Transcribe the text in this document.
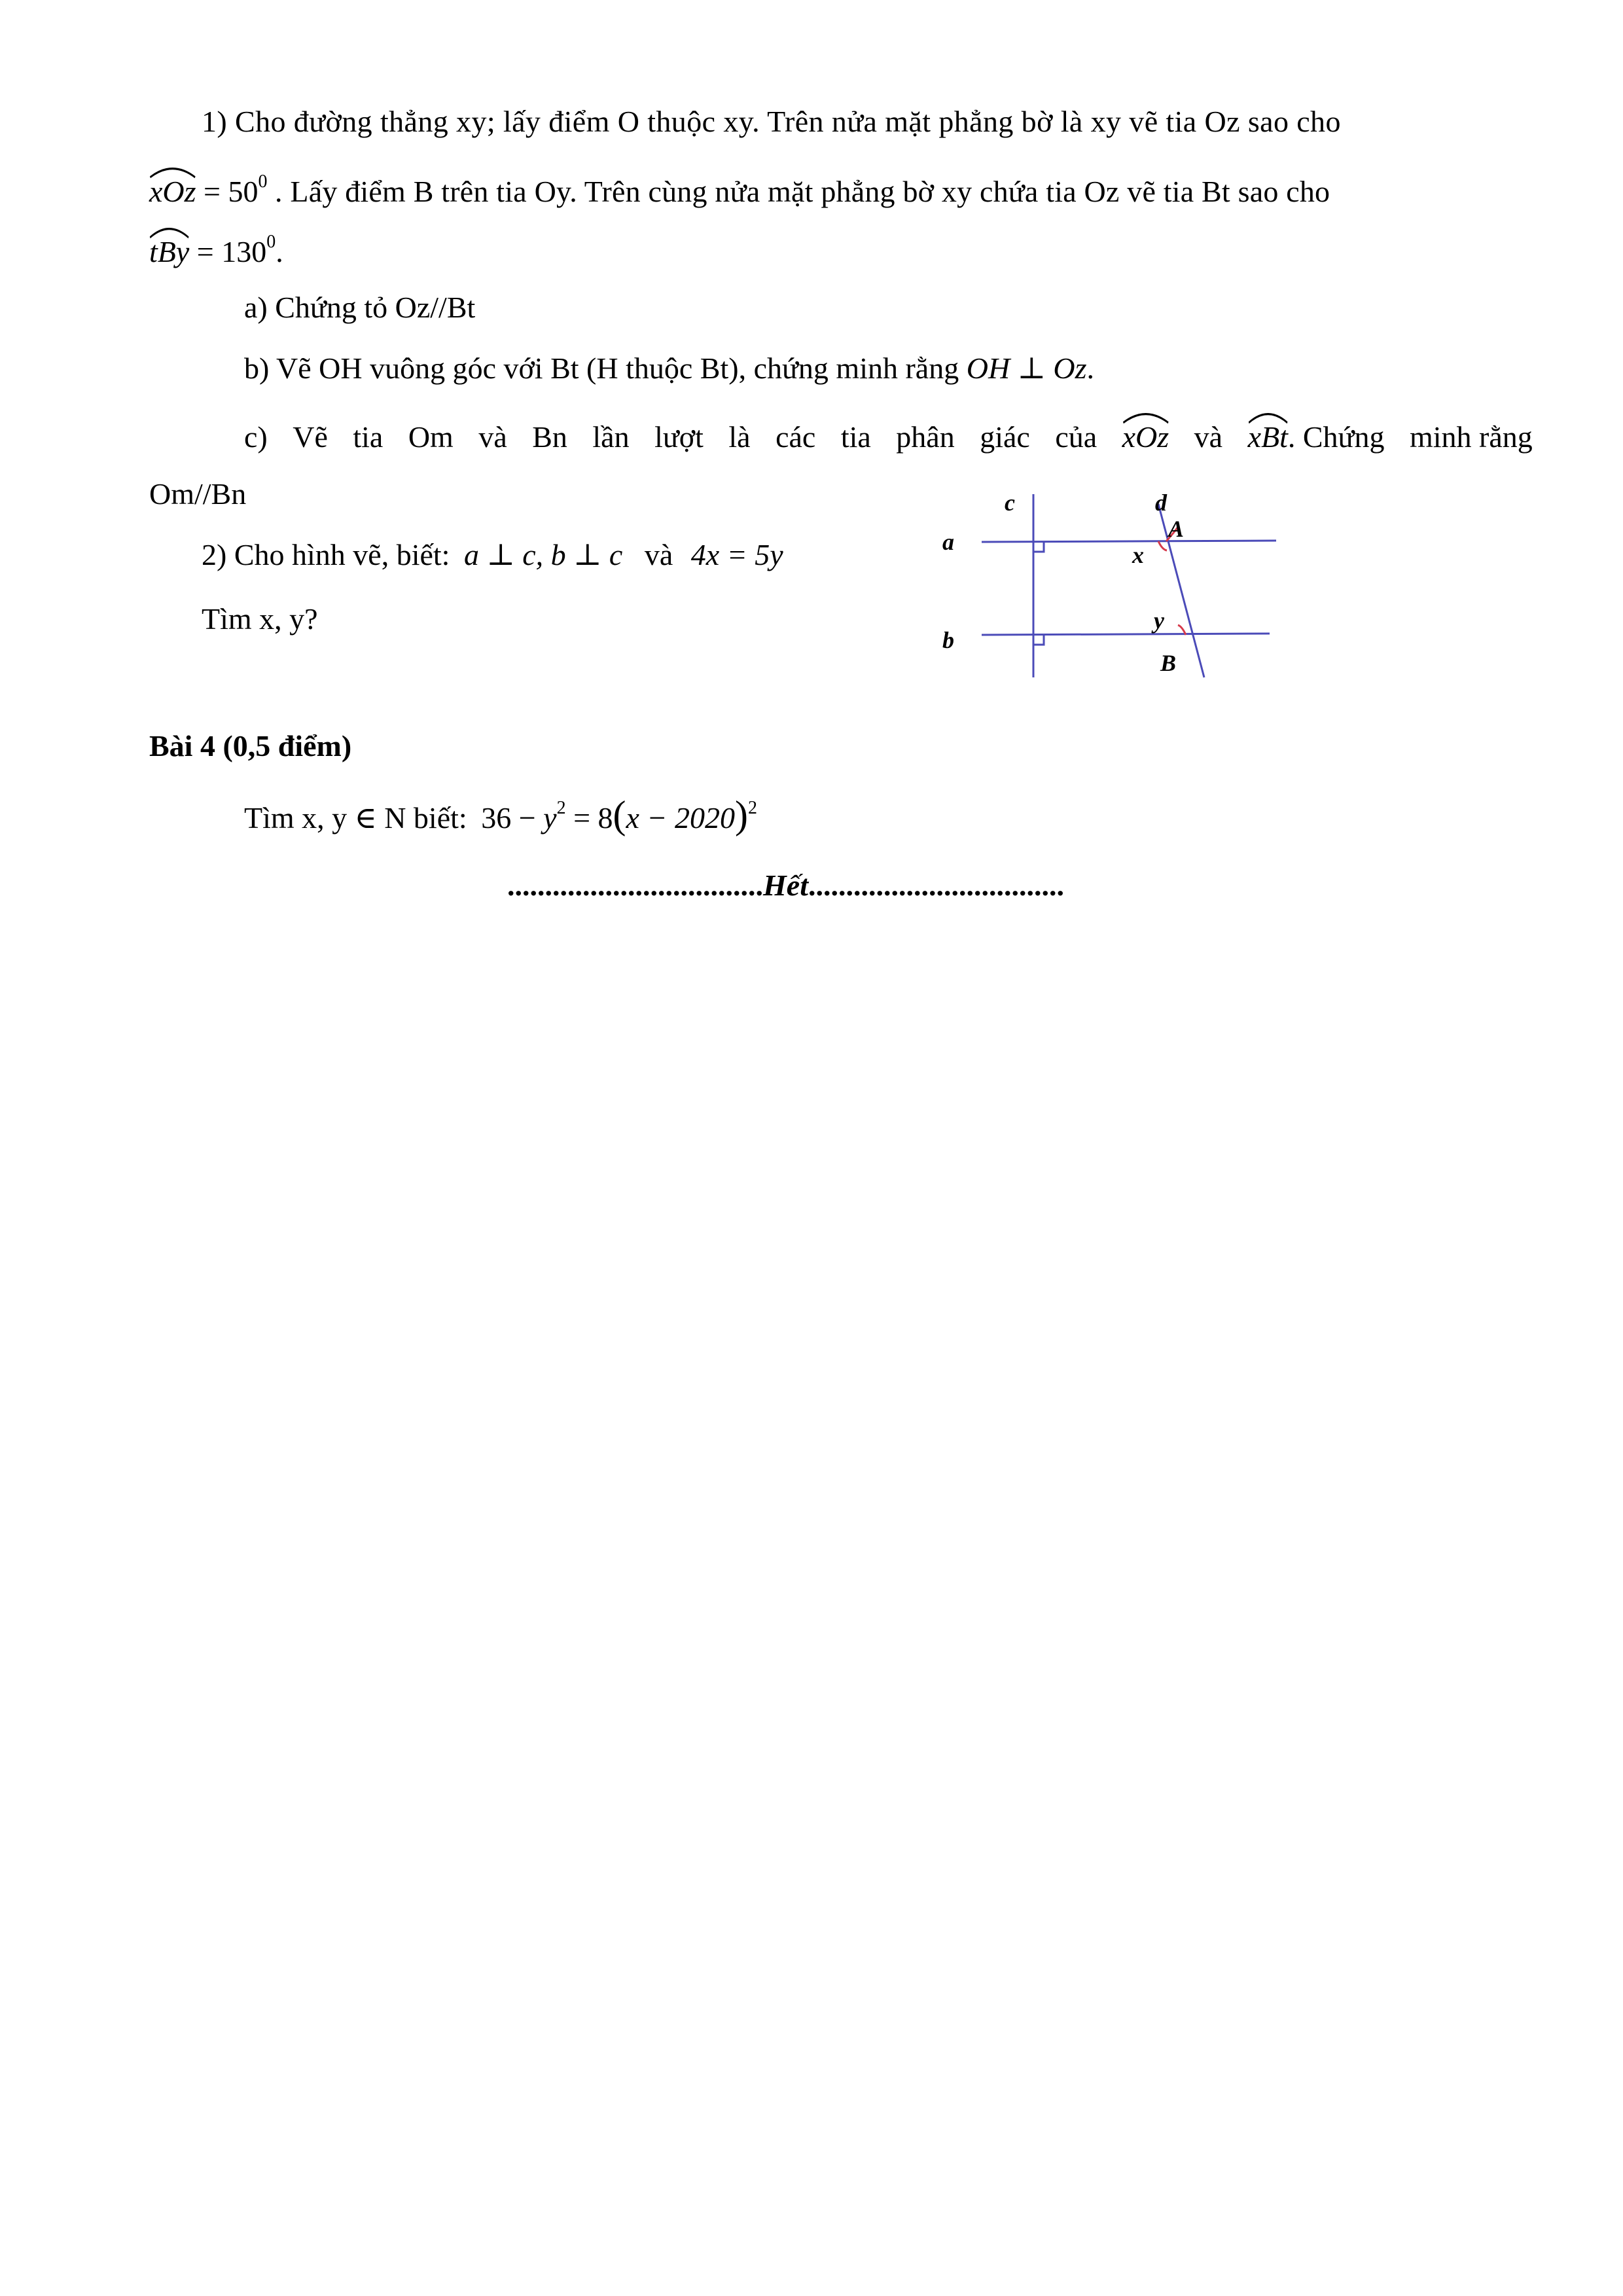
1) Cho đường thẳng xy; lấy điểm O thuộc xy. Trên nửa mặt phẳng bờ là xy vẽ tia Oz sao cho
xOz = $50^0$ . Lấy điểm B trên tia Oy. Trên cùng nửa mặt phẳng bờ xy chứa tia Oz vẽ tia Bt sao cho
tBy = $130^0$.
a) Chứng tỏ Oz//Bt
b) Vẽ OH vuông góc với Bt (H thuộc Bt), chứng minh rằng OH ⊥ Oz.
c) Vẽ tia Om và Bn lần lượt là các tia phân giác của xOz và xBt
. Chứng minh rằng
Om//Bn
2) Cho hình vẽ, biết: a ⊥ c, b ⊥ c và 4x = 5y
Tìm x, y?
c	d
A
a	x
y
b
B
Bài 4 (0,5 điểm)
Tìm x, y ∈ N biết: $36 - y^2 = 8(x - 2020)^2$
..................................Hết..................................
